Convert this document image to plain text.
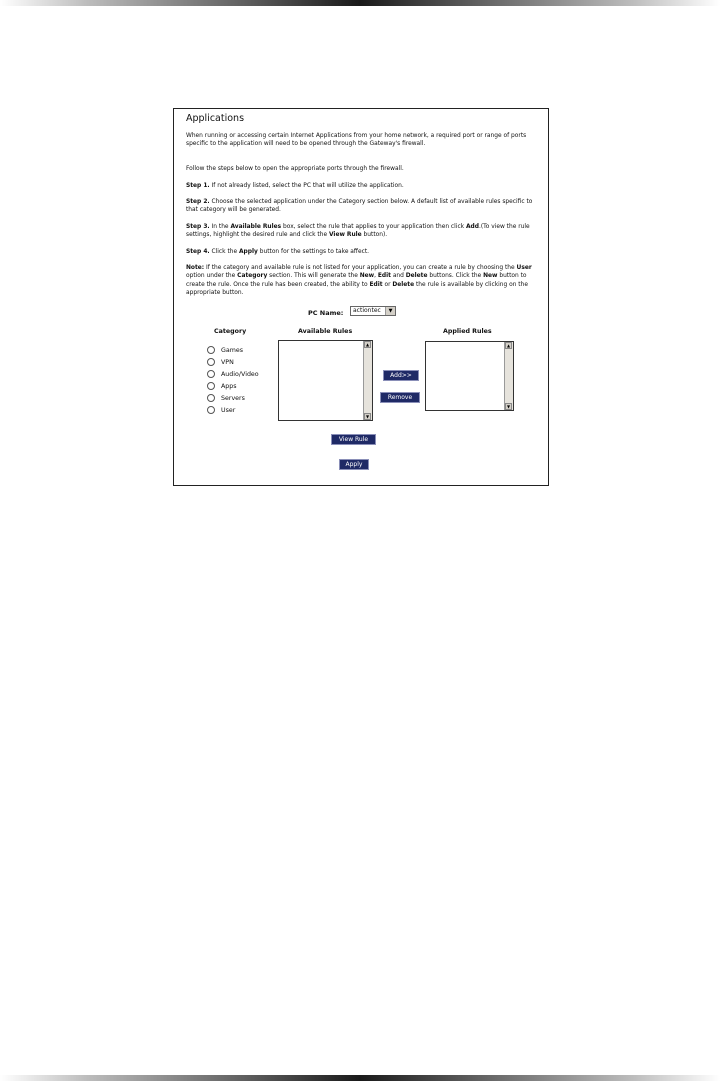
Applications

When running or accessing certain Internet Applications from your home network, a required port or range of ports specific to the application will need to be opened through the Gateway's firewall.

Follow the steps below to open the appropriate ports through the firewall.

Step 1. If not already listed, select the PC that will utilize the application.

Step 2. Choose the selected application under the Category section below. A default list of available rules specific to that category will be generated.

Step 3. In the Available Rules box, select the rule that applies to your application then click Add.(To view the rule settings, highlight the desired rule and click the View Rule button).

Step 4. Click the Apply button for the settings to take affect.

Note: If the category and available rule is not listed for your application, you can create a rule by choosing the User option under the Category section. This will generate the New, Edit and Delete buttons. Click the New button to create the rule. Once the rule has been created, the ability to Edit or Delete the rule is available by clicking on the appropriate button.

PC Name:	actiontec	▼
Category	Available Rules	Applied Rules
Games
VPN
Audio/Video
Apps
Servers
User
▲
▼
▲
▼
Add>>
Remove
View Rule
Apply
